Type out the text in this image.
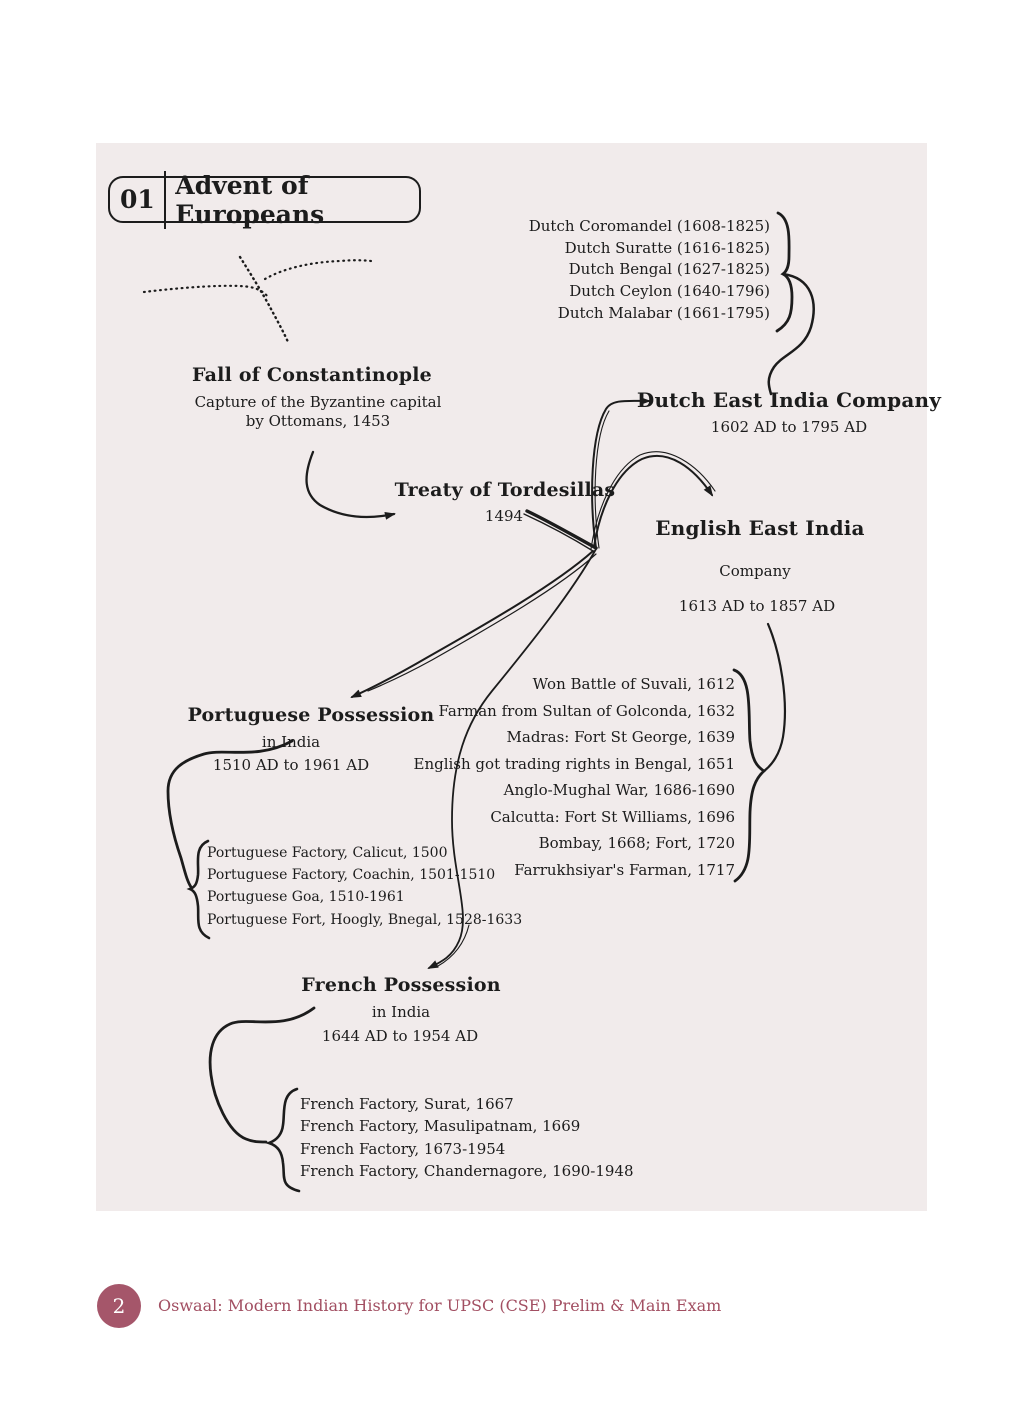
01 Advent of Europeans	Dutch Coromandel (1608-1825)
Dutch Suratte (1616-1825)
Dutch Bengal (1627-1825)
Dutch Ceylon (1640-1796)
Dutch Malabar (1661-1795)
Fall of Constantinople
Capture of the Byzantine capital
by Ottomans, 1453
Dutch East India Company
1602 AD to 1795 AD
Treaty of Tordesillas
1494	English East India
Company
1613 AD to 1857 AD
Won Battle of Suvali, 1612
Farman from Sultan of Golconda, 1632
Madras: Fort St George, 1639
English got trading rights in Bengal, 1651
Anglo-Mughal War, 1686-1690
Calcutta: Fort St Williams, 1696
Bombay, 1668; Fort, 1720
Farrukhsiyar's Farman, 1717
Portuguese Possession
in India
1510 AD to 1961 AD
Portuguese Factory, Calicut, 1500
Portuguese Factory, Coachin, 1501-1510
Portuguese Goa, 1510-1961
Portuguese Fort, Hoogly, Bnegal, 1528-1633
French Possession
in India
1644 AD to 1954 AD
French Factory, Surat, 1667
French Factory, Masulipatnam, 1669
French Factory, 1673-1954
French Factory, Chandernagore, 1690-1948
2 Oswaal: Modern Indian History for UPSC (CSE) Prelim & Main Exam
